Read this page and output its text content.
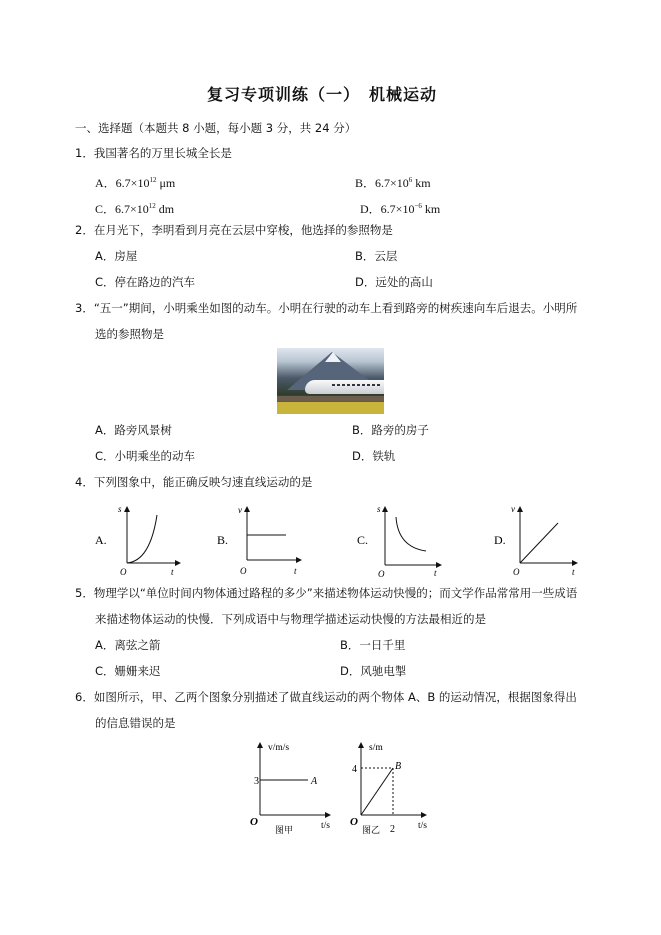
复习专项训练（一）　机械运动
一、选择题（本题共 8 小题，每小题 3 分，共 24 分）
1．我国著名的万里长城全长是
A．$6.7\times 10^{12}$ μm	B．$6.7\times 10^6$ km
C．$6.7\times 10^{12}$ dm	D．$6.7\times 10^{-6}$ km
2．在月光下，李明看到月亮在云层中穿梭，他选择的参照物是
A．房屋	B．云层
C．停在路边的汽车	D．远处的高山
3．“五一”期间，小明乘坐如图的动车。小明在行驶的动车上看到路旁的树疾速向车后退去。小明所
选的参照物是
A．路旁风景树	B．路旁的房子
C．小明乘坐的动车	D．铁轨
4．下列图象中，能正确反映匀速直线运动的是
A.
s
t
O
B.
v
t
O
C.
s
t
O
D.
v
t
O
5．物理学以“单位时间内物体通过路程的多少”来描述物体运动快慢的；而文学作品常常用一些成语
来描述物体运动的快慢．下列成语中与物理学描述运动快慢的方法最相近的是
A．离弦之箭	B．一日千里
C．姗姗来迟	D．风驰电掣
6．如图所示，甲、乙两个图象分别描述了做直线运动的两个物体 A、B 的运动情况，根据图象得出
的信息错误的是
v/m/s
3	A
O	t/s
图甲
s/m
4	B
O
2 t/s
图乙
